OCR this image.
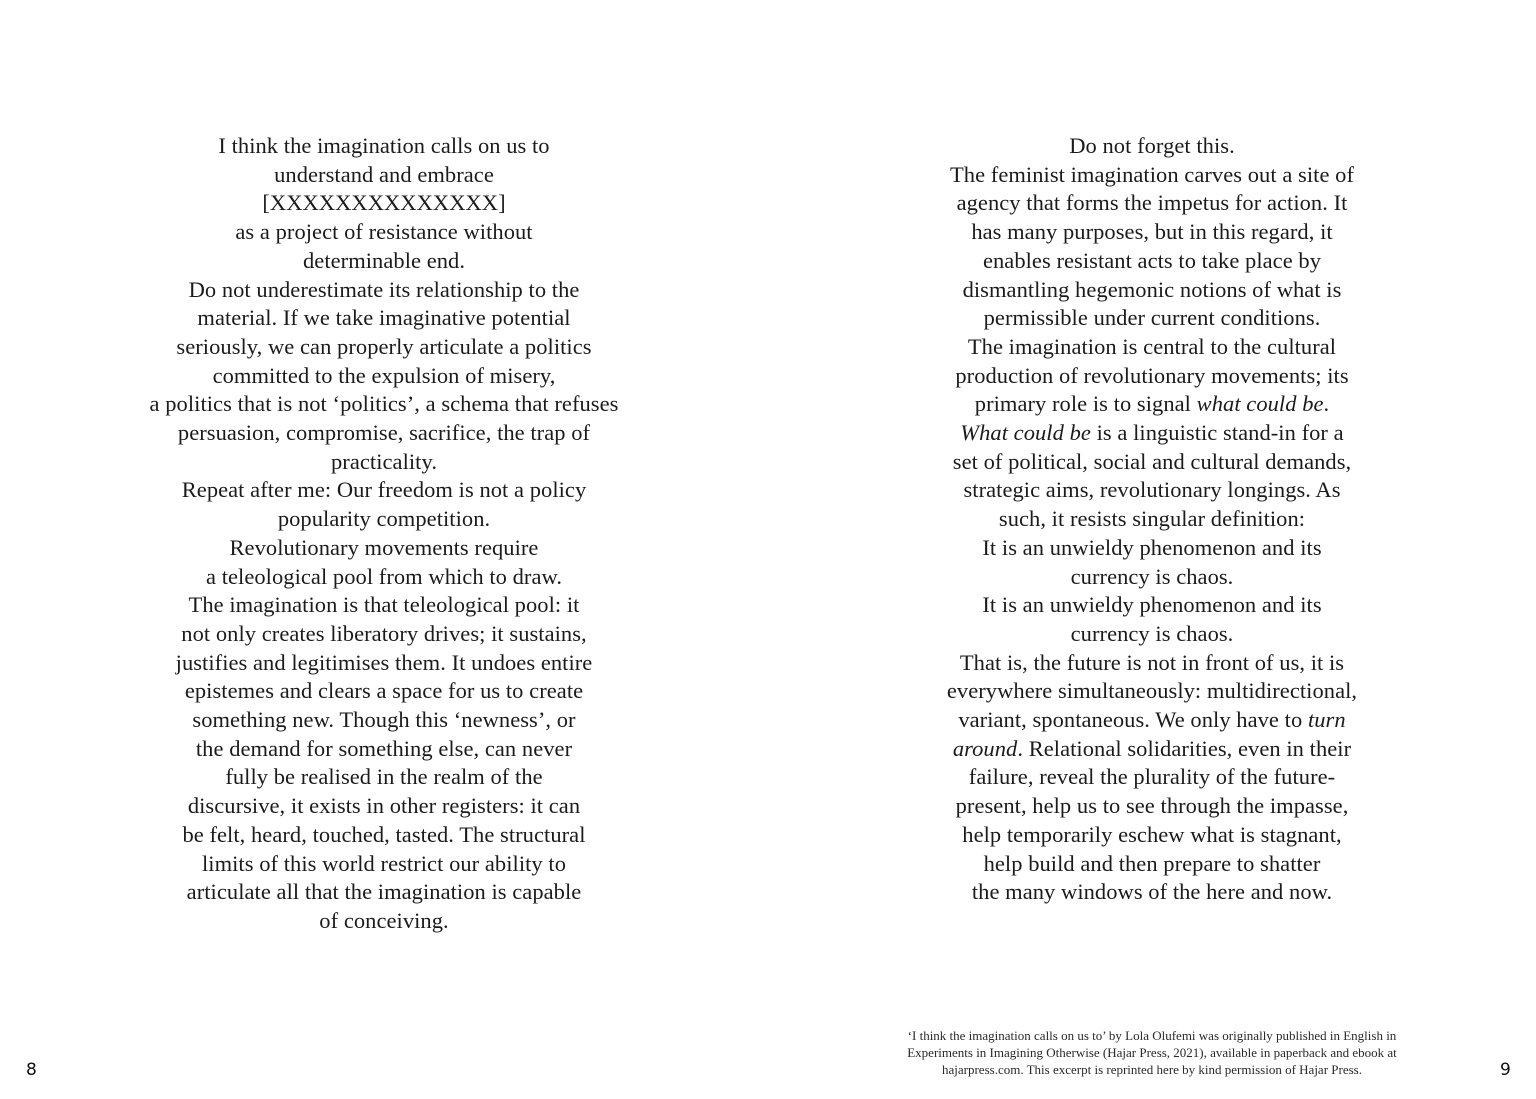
I think the imagination calls on us to
understand and embrace
[XXXXXXXXXXXXXX]
as a project of resistance without
determinable end.
Do not underestimate its relationship to the
material. If we take imaginative potential
seriously, we can properly articulate a politics
committed to the expulsion of misery,
a politics that is not ‘politics’, a schema that refuses
persuasion, compromise, sacrifice, the trap of
practicality.
Repeat after me: Our freedom is not a policy
popularity competition.
Revolutionary movements require
a teleological pool from which to draw.
The imagination is that teleological pool: it
not only creates liberatory drives; it sustains,
justifies and legitimises them. It undoes entire
epistemes and clears a space for us to create
something new. Though this ‘newness’, or
the demand for something else, can never
fully be realised in the realm of the
discursive, it exists in other registers: it can
be felt, heard, touched, tasted. The structural
limits of this world restrict our ability to
articulate all that the imagination is capable
of conceiving.
Do not forget this.
The feminist imagination carves out a site of
agency that forms the impetus for action. It
has many purposes, but in this regard, it
enables resistant acts to take place by
dismantling hegemonic notions of what is
permissible under current conditions.
The imagination is central to the cultural
production of revolutionary movements; its
primary role is to signal what could be.
What could be is a linguistic stand-in for a
set of political, social and cultural demands,
strategic aims, revolutionary longings. As
such, it resists singular definition:
It is an unwieldy phenomenon and its
currency is chaos.
It is an unwieldy phenomenon and its
currency is chaos.
That is, the future is not in front of us, it is
everywhere simultaneously: multidirectional,
variant, spontaneous. We only have to turn
around. Relational solidarities, even in their
failure, reveal the plurality of the future-
present, help us to see through the impasse,
help temporarily eschew what is stagnant,
help build and then prepare to shatter
the many windows of the here and now.
‘I think the imagination calls on us to’ by Lola Olufemi was originally published in English in
Experiments in Imagining Otherwise (Hajar Press, 2021), available in paperback and ebook at
hajarpress.com. This excerpt is reprinted here by kind permission of Hajar Press.
8	9
